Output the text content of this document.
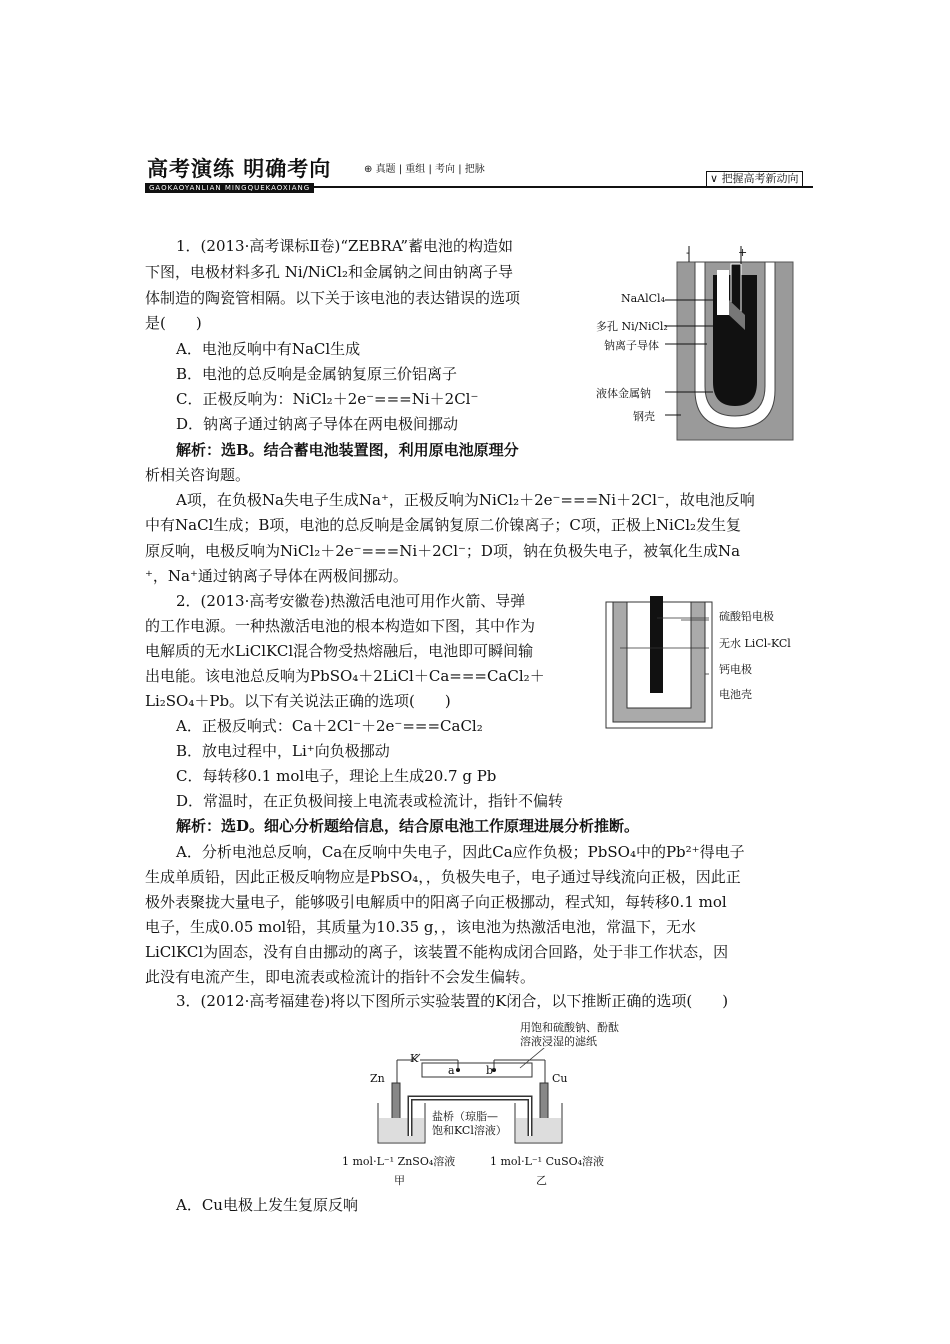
高考演练 明确考向
GAOKAOYANLIAN MINGQUEKAOXIANG
⊕ 真题 | 重组 | 考向 | 把脉
∨ 把握高考新动向
1．(2013·高考课标Ⅱ卷)“ZEBRA”蓄电池的构造如
下图，电极材料多孔 Ni/NiCl₂和金属钠之间由钠离子导
体制造的陶瓷管相隔。以下关于该电池的表达错误的选项
是(　　)
A．电池反响中有NaCl生成
B．电池的总反响是金属钠复原三价铝离子
C．正极反响为：NiCl₂＋2e⁻===Ni＋2Cl⁻
D．钠离子通过钠离子导体在两电极间挪动
解析：选B。结合蓄电池装置图，利用原电池原理分
析相关咨询题。
A项，在负极Na失电子生成Na⁺，正极反响为NiCl₂＋2e⁻===Ni＋2Cl⁻，故电池反响
中有NaCl生成；B项，电池的总反响是金属钠复原二价镍离子；C项，正极上NiCl₂发生复
原反响，电极反响为NiCl₂＋2e⁻===Ni＋2Cl⁻；D项，钠在负极失电子，被氧化生成Na
⁺，Na⁺通过钠离子导体在两极间挪动。
-	+
NaAlCl₄
多孔 Ni/NiCl₂
钠离子导体
液体金属钠
钢壳
2．(2013·高考安徽卷)热激活电池可用作火箭、导弹
的工作电源。一种热激活电池的根本构造如下图，其中作为
电解质的无水LiClKCl混合物受热熔融后，电池即可瞬间输
出电能。该电池总反响为PbSO₄＋2LiCl＋Ca===CaCl₂＋
Li₂SO₄＋Pb。以下有关说法正确的选项(　　)
A．正极反响式：Ca＋2Cl⁻＋2e⁻===CaCl₂
B．放电过程中，Li⁺向负极挪动
C．每转移0.1 mol电子，理论上生成20.7 g Pb
D．常温时，在正负极间接上电流表或检流计，指针不偏转
解析：选D。细心分析题给信息，结合原电池工作原理进展分析推断。
A．分析电池总反响，Ca在反响中失电子，因此Ca应作负极；PbSO₄中的Pb²⁺得电子
生成单质铅，因此正极反响物应是PbSO₄，，负极失电子，电子通过导线流向正极，因此正
极外表聚拢大量电子，能够吸引电解质中的阳离子向正极挪动，程式知，每转移0.1 mol
电子，生成0.05 mol铅，其质量为10.35 g，，该电池为热激活电池，常温下，无水
LiClKCl为固态，没有自由挪动的离子，该装置不能构成闭合回路，处于非工作状态，因
此没有电流产生，即电流表或检流计的指针不会发生偏转。
硫酸铅电极
无水 LiCl-KCl
钙电极
电池壳
3．(2012·高考福建卷)将以下图所示实验装置的K闭合，以下推断正确的选项(　　)
用饱和硫酸钠、酚酞
溶液浸湿的滤纸
K
a	b
Zn	Cu
盐桥（琼脂—
饱和KCl溶液）
1 mol·L⁻¹ ZnSO₄溶液	1 mol·L⁻¹ CuSO₄溶液
甲	乙
A．Cu电极上发生复原反响
